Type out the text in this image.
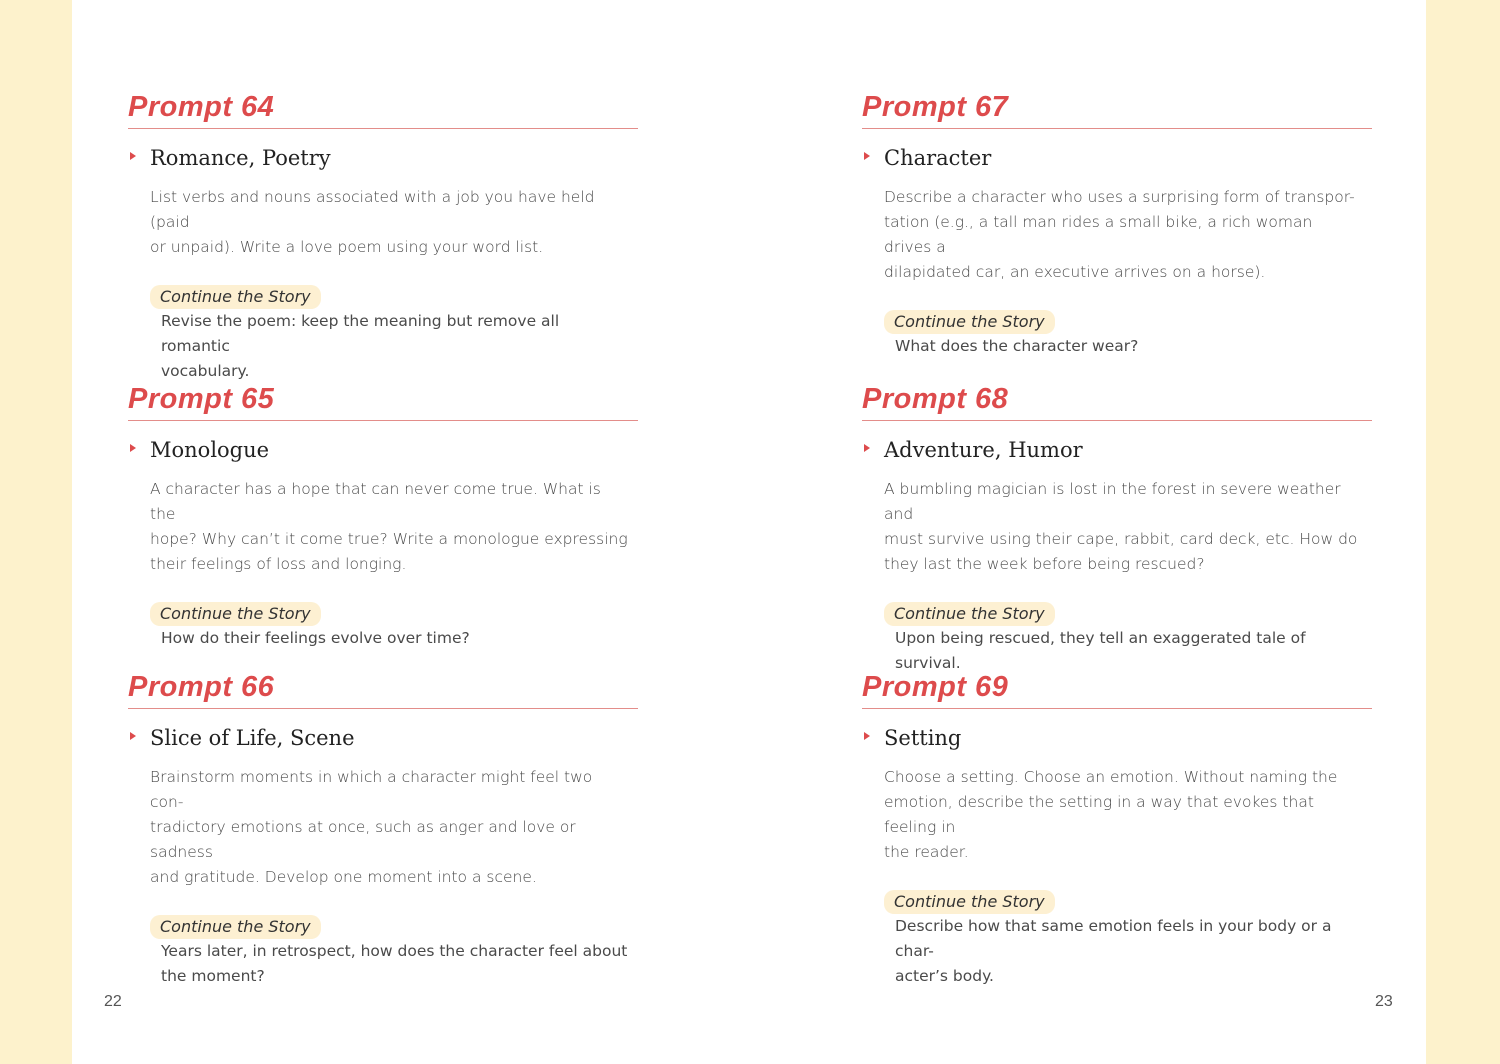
Prompt 64
Romance, Poetry
List verbs and nouns associated with a job you have held (paid
or unpaid). Write a love poem using your word list.
Continue the Story
Revise the poem: keep the meaning but remove all romantic
vocabulary.
Prompt 65
Monologue
A character has a hope that can never come true. What is the
hope? Why can’t it come true? Write a monologue expressing
their feelings of loss and longing.
Continue the Story
How do their feelings evolve over time?
Prompt 66
Slice of Life, Scene
Brainstorm moments in which a character might feel two con-
tradictory emotions at once, such as anger and love or sadness
and gratitude. Develop one moment into a scene.
Continue the Story
Years later, in retrospect, how does the character feel about
the moment?
Prompt 67
Character
Describe a character who uses a surprising form of transpor-
tation (e.g., a tall man rides a small bike, a rich woman drives a
dilapidated car, an executive arrives on a horse).
Continue the Story
What does the character wear?
Prompt 68
Adventure, Humor
A bumbling magician is lost in the forest in severe weather and
must survive using their cape, rabbit, card deck, etc. How do
they last the week before being rescued?
Continue the Story
Upon being rescued, they tell an exaggerated tale of survival.
Prompt 69
Setting
Choose a setting. Choose an emotion. Without naming the
emotion, describe the setting in a way that evokes that feeling in
the reader.
Continue the Story
Describe how that same emotion feels in your body or a char-
acter’s body.
22	23
